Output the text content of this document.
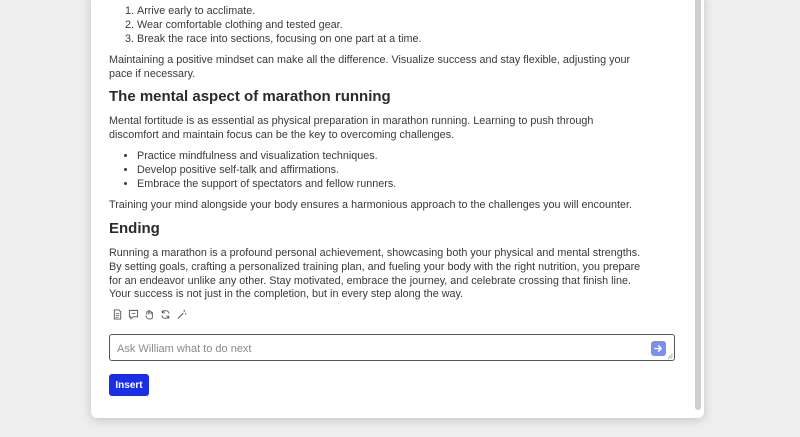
1. Arrive early to acclimate.
2. Wear comfortable clothing and tested gear.
3. Break the race into sections, focusing on one part at a time.

Maintaining a positive mindset can make all the difference. Visualize success and stay flexible, adjusting your pace if necessary.

The mental aspect of marathon running

Mental fortitude is as essential as physical preparation in marathon running. Learning to push through discomfort and maintain focus can be the key to overcoming challenges.

• Practice mindfulness and visualization techniques.
• Develop positive self-talk and affirmations.
• Embrace the support of spectators and fellow runners.

Training your mind alongside your body ensures a harmonious approach to the challenges you will encounter.

Ending

Running a marathon is a profound personal achievement, showcasing both your physical and mental strengths. By setting goals, crafting a personalized training plan, and fueling your body with the right nutrition, you prepare for an endeavor unlike any other. Stay motivated, embrace the journey, and celebrate crossing that finish line. Your success is not just in the completion, but in every step along the way.

Ask William what to do next
Insert
